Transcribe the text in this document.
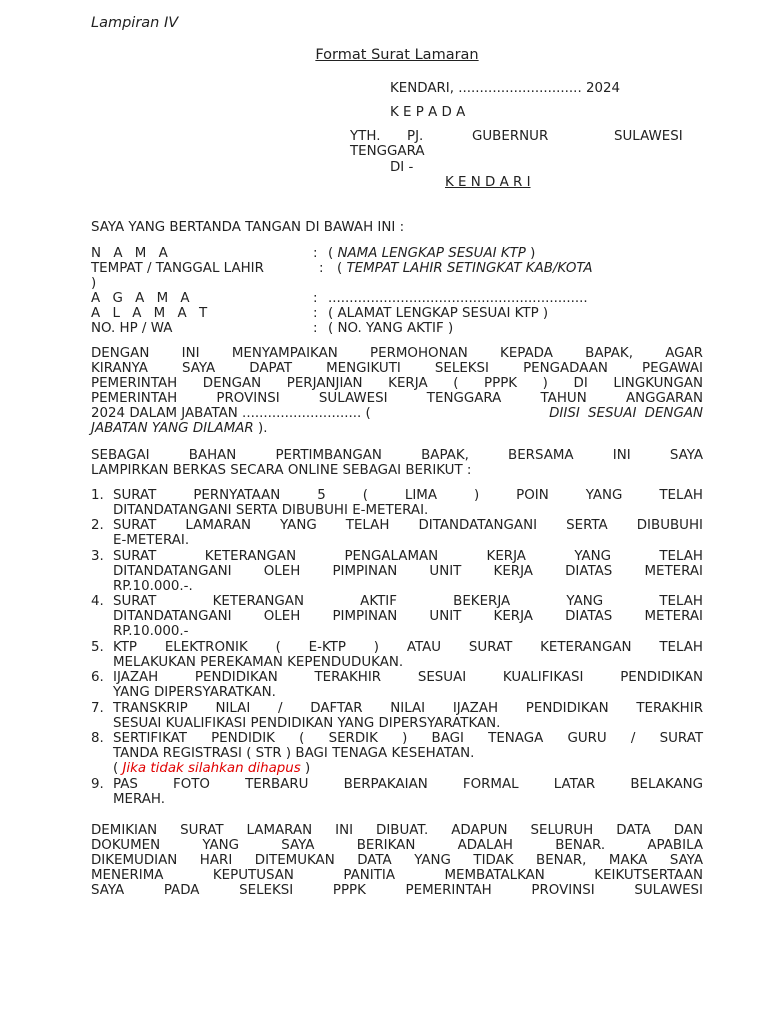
Lampiran IV
Format Surat Lamaran
KENDARI, ............................. 2024
K E P A D A
YTH. PJ.	GUBERNUR	SULAWESI
TENGGARA
DI -
K E N D A R I
SAYA YANG BERTANDA TANGAN DI BAWAH INI :
N A M A	: ( NAMA LENGKAP SESUAI KTP )
TEMPAT / TANGGAL LAHIR	: ( TEMPAT LAHIR SETINGKAT KAB/KOTA
)
A G A M A	: .............................................................
A L A M A T	: ( ALAMAT LENGKAP SESUAI KTP )
NO. HP / WA	: ( NO. YANG AKTIF )
DENGAN INI MENYAMPAIKAN PERMOHONAN KEPADA BAPAK, AGAR
KIRANYA SAYA DAPAT MENGIKUTI SELEKSI PENGADAAN PEGAWAI
PEMERINTAH DENGAN PERJANJIAN KERJA ( PPPK ) DI LINGKUNGAN
PEMERINTAH PROVINSI SULAWESI TENGGARA TAHUN ANGGARAN
2024 DALAM JABATAN ............................ (	DIISI SESUAI DENGAN
JABATAN YANG DILAMAR ).
SEBAGAI BAHAN PERTIMBANGAN BAPAK, BERSAMA INI SAYA
LAMPIRKAN BERKAS SECARA ONLINE SEBAGAI BERIKUT :
1. SURAT PERNYATAAN 5 ( LIMA ) POIN YANG TELAH
DITANDATANGANI SERTA DIBUBUHI E-METERAI.
2. SURAT LAMARAN YANG TELAH DITANDATANGANI SERTA DIBUBUHI
E-METERAI.
3. SURAT KETERANGAN PENGALAMAN KERJA YANG TELAH
DITANDATANGANI OLEH PIMPINAN UNIT KERJA DIATAS METERAI
RP.10.000.-.
4. SURAT KETERANGAN AKTIF BEKERJA YANG TELAH
DITANDATANGANI OLEH PIMPINAN UNIT KERJA DIATAS METERAI
RP.10.000.-
5. KTP ELEKTRONIK ( E-KTP ) ATAU SURAT KETERANGAN TELAH
MELAKUKAN PEREKAMAN KEPENDUDUKAN.
6. IJAZAH PENDIDIKAN TERAKHIR SESUAI KUALIFIKASI PENDIDIKAN
YANG DIPERSYARATKAN.
7. TRANSKRIP NILAI / DAFTAR NILAI IJAZAH PENDIDIKAN TERAKHIR
SESUAI KUALIFIKASI PENDIDIKAN YANG DIPERSYARATKAN.
8. SERTIFIKAT PENDIDIK ( SERDIK ) BAGI TENAGA GURU / SURAT
TANDA REGISTRASI ( STR ) BAGI TENAGA KESEHATAN.
( Jika tidak silahkan dihapus )
9. PAS FOTO TERBARU BERPAKAIAN FORMAL LATAR BELAKANG
MERAH.
DEMIKIAN SURAT LAMARAN INI DIBUAT. ADAPUN SELURUH DATA DAN
DOKUMEN YANG SAYA BERIKAN ADALAH BENAR. APABILA
DIKEMUDIAN HARI DITEMUKAN DATA YANG TIDAK BENAR, MAKA SAYA
MENERIMA KEPUTUSAN PANITIA MEMBATALKAN KEIKUTSERTAAN
SAYA PADA SELEKSI PPPK PEMERINTAH PROVINSI SULAWESI
